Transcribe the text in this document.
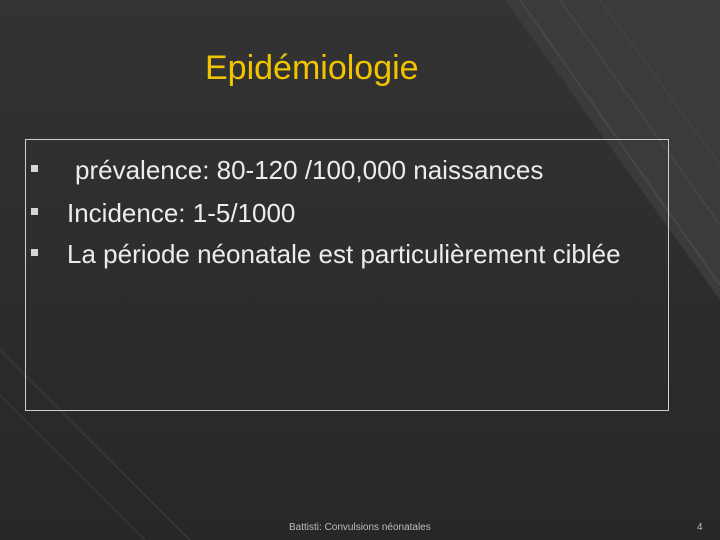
Epidémiologie
prévalence: 80-120 /100,000 naissances
Incidence: 1-5/1000
La période néonatale est particulièrement ciblée
Battisti: Convulsions néonatales	4
